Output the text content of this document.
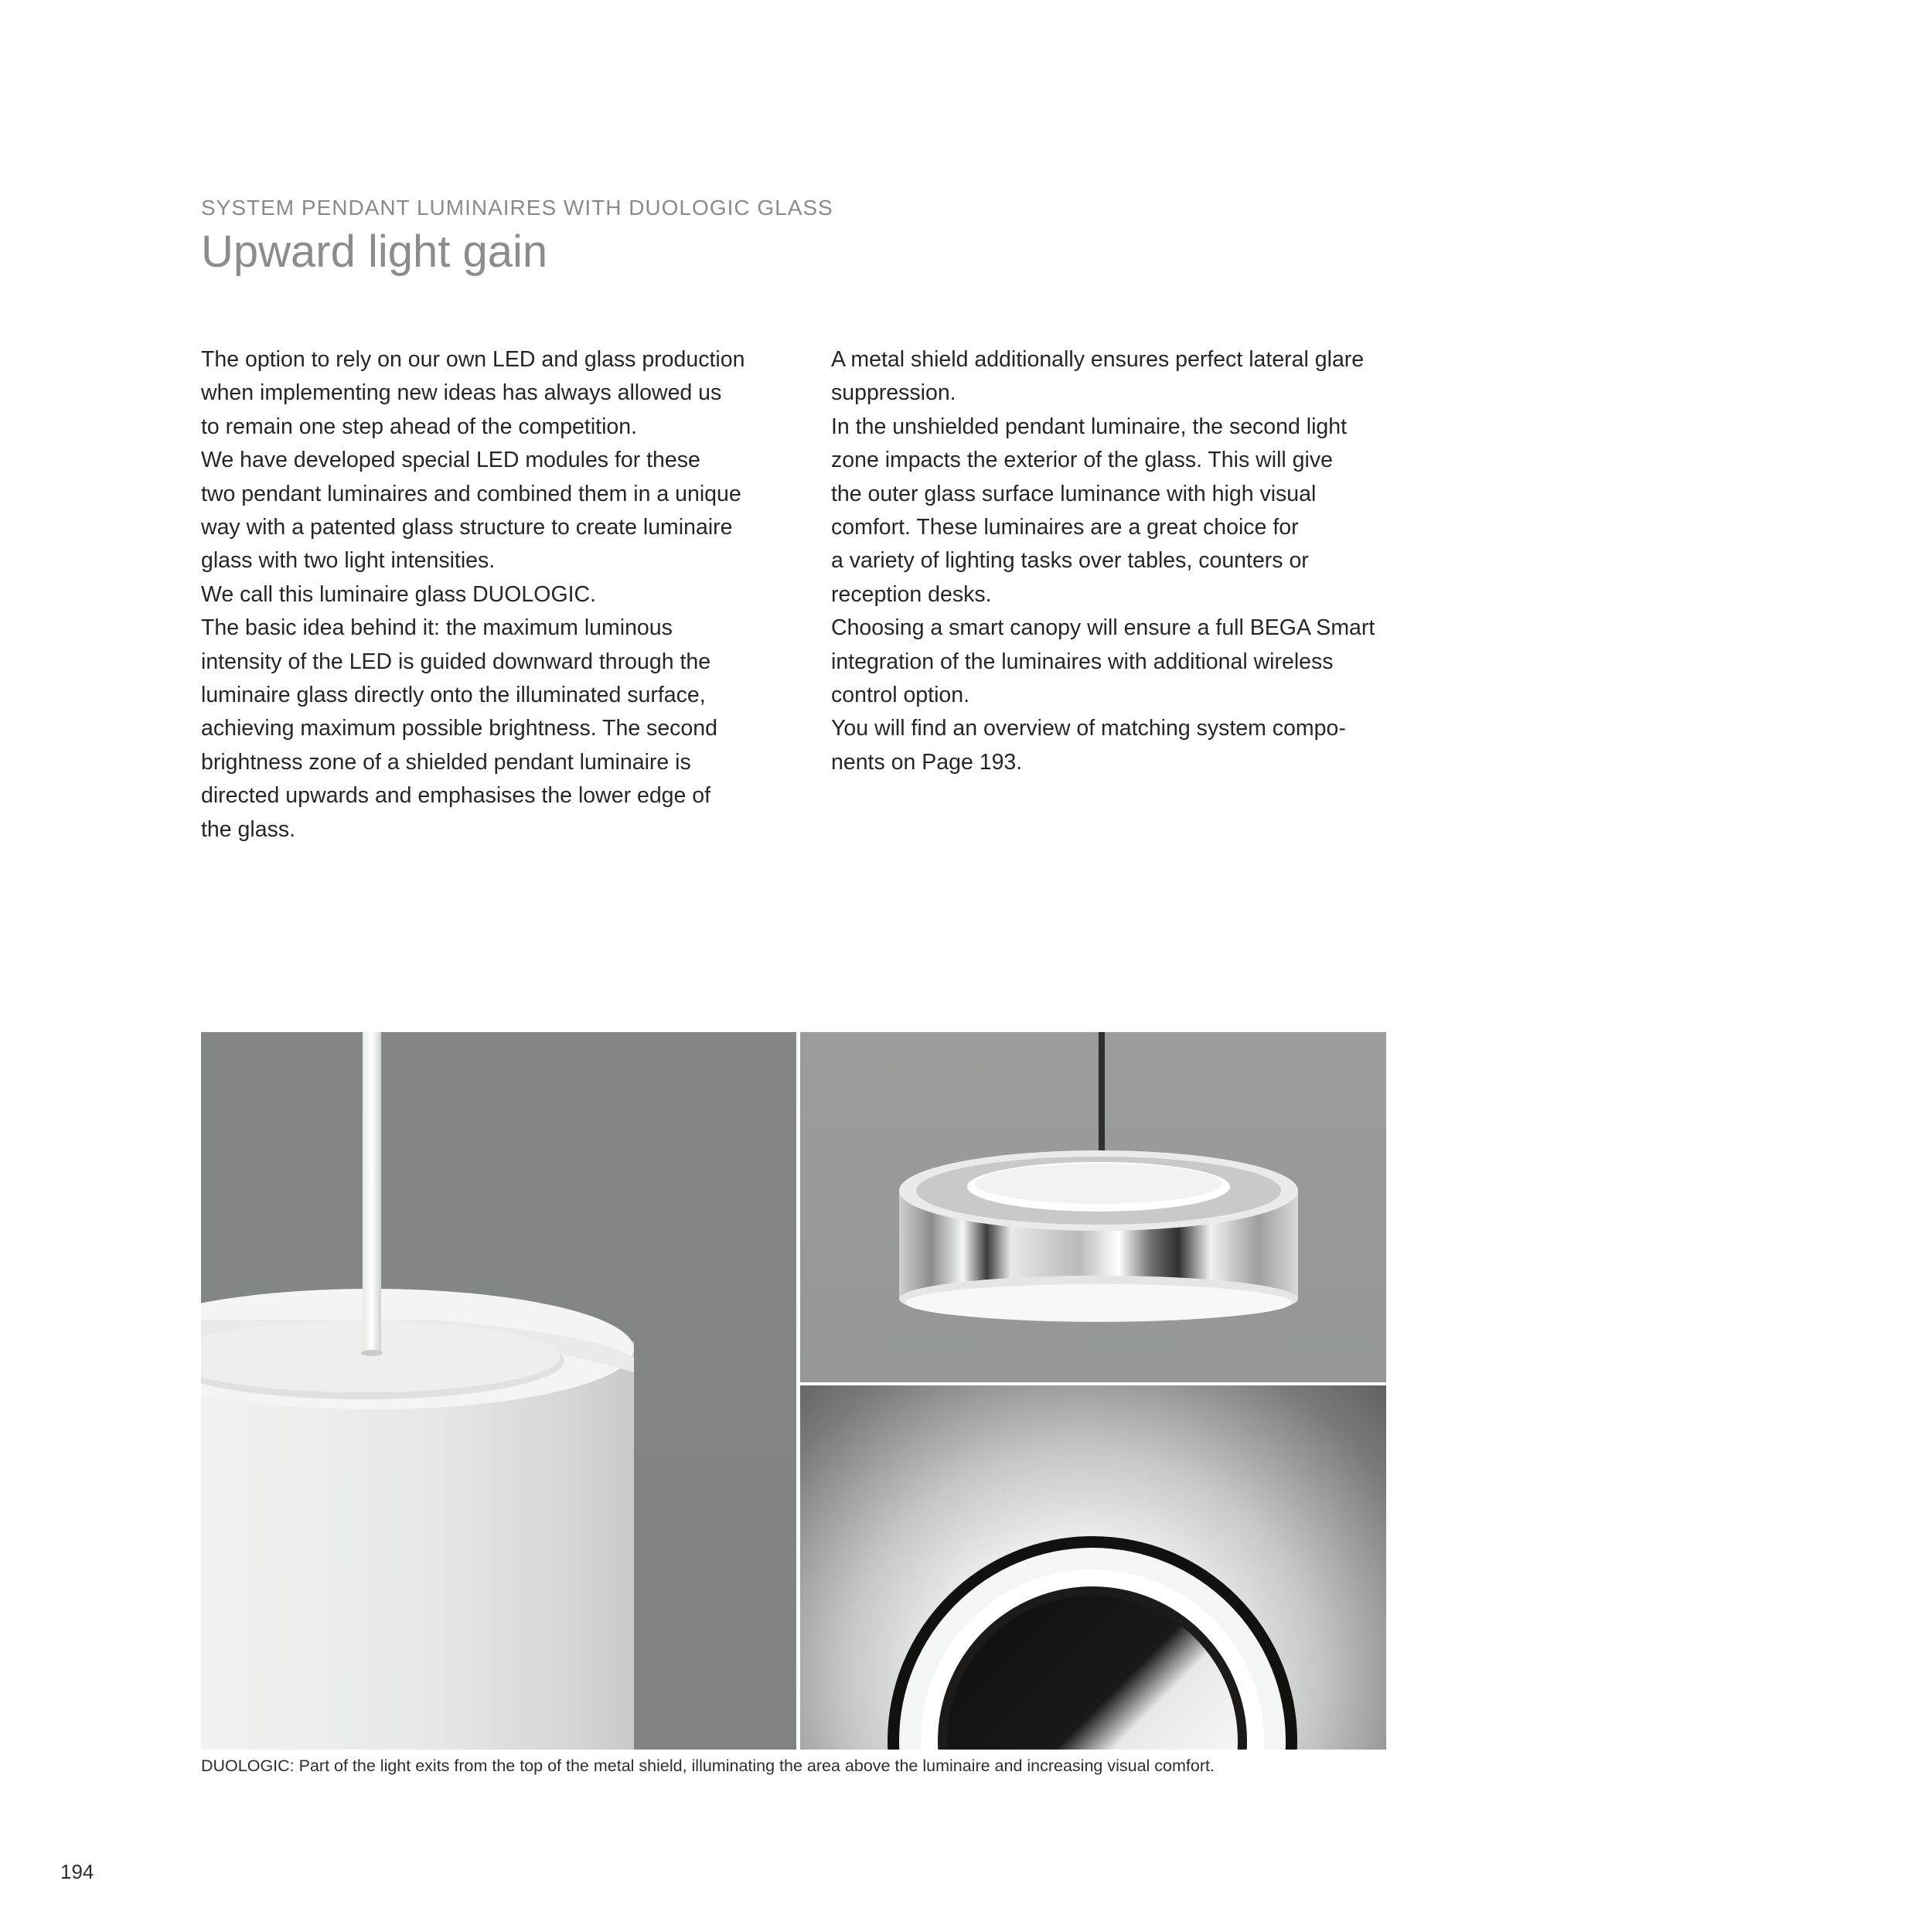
SYSTEM PENDANT LUMINAIRES WITH DUOLOGIC GLASS
Upward light gain

The option to rely on our own LED and glass production

when implementing new ideas has always allowed us

to remain one step ahead of the competition.

We have developed special LED modules for these

two pendant luminaires and combined them in a unique

way with a patented glass structure to create luminaire

glass with two light intensities.

We call this luminaire glass DUOLOGIC.

The basic idea behind it: the maximum luminous

intensity of the LED is guided downward through the

luminaire glass directly onto the illuminated surface,

achieving maximum possible brightness. The second

brightness zone of a shielded pendant luminaire is

directed upwards and emphasises the lower edge of

the glass.

A metal shield additionally ensures perfect lateral glare

suppression.

In the unshielded pendant luminaire, the second light

zone impacts the exterior of the glass. This will give

the outer glass surface luminance with high visual

comfort. These luminaires are a great choice for

a variety of lighting tasks over tables, counters or

reception desks.

Choosing a smart canopy will ensure a full BEGA Smart

integration of the luminaires with additional wireless

control option.

You will find an overview of matching system compo-

nents on Page 193.

DUOLOGIC: Part of the light exits from the top of the metal shield, illuminating the area above the luminaire and increasing visual comfort.
194
